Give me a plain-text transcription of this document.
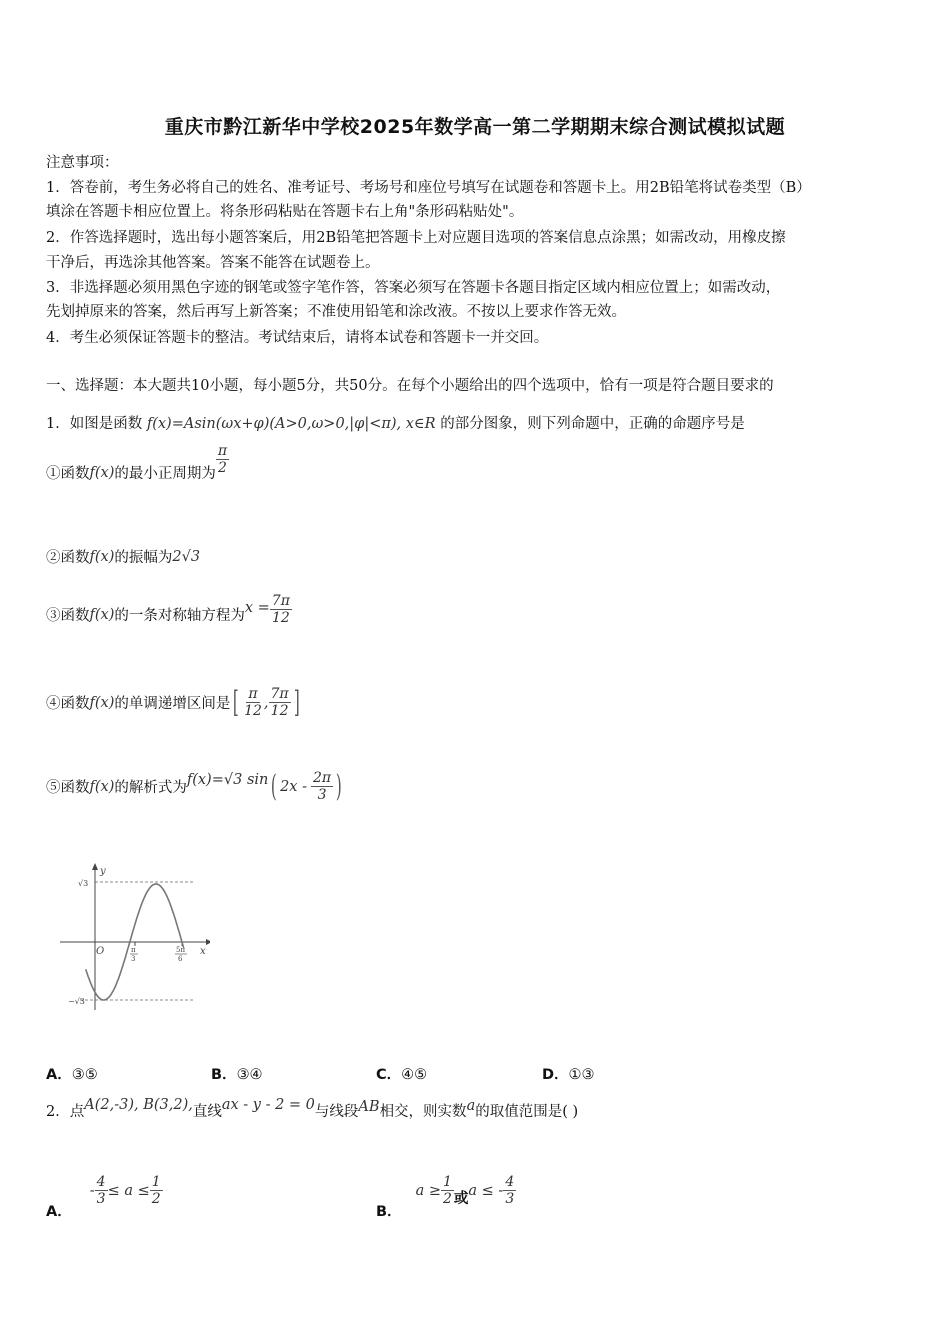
重庆市黔江新华中学校2025年数学高一第二学期期末综合测试模拟试题
注意事项：
1．答卷前，考生务必将自己的姓名、准考证号、考场号和座位号填写在试题卷和答题卡上。用2B铅笔将试卷类型（B）
填涂在答题卡相应位置上。将条形码粘贴在答题卡右上角"条形码粘贴处"。
2．作答选择题时，选出每小题答案后，用2B铅笔把答题卡上对应题目选项的答案信息点涂黑；如需改动，用橡皮擦
干净后，再选涂其他答案。答案不能答在试题卷上。
3．非选择题必须用黑色字迹的钢笔或签字笔作答，答案必须写在答题卡各题目指定区域内相应位置上；如需改动，
先划掉原来的答案，然后再写上新答案；不准使用铅笔和涂改液。不按以上要求作答无效。
4．考生必须保证答题卡的整洁。考试结束后，请将本试卷和答题卡一并交回。
一、选择题：本大题共10小题，每小题5分，共50分。在每个小题给出的四个选项中，恰有一项是符合题目要求的
1．如图是函数 f(x)=Asin(ωx+φ)(A>0,ω>0,|φ|<π), x∈R 的部分图象，则下列命题中，正确的命题序号是
①函数 f(x) 的最小正周期为 $\frac{\pi}{2}$
②函数 f(x) 的振幅为 2√3
③函数 f(x) 的一条对称轴方程为
$x = \frac{7\pi}{12}$
④函数 f(x) 的单调递增区间是 [ $\frac{\pi}{12}$ , $\frac{7\pi}{12}$ ]
⑤函数 f(x) 的解析式为
f(x)=√3 sin ( $2x - \frac{2\pi}{3}$ )
y
x
O
√3
−√3
π
3
5π
6
A．③⑤	B．③④	C．④⑤	D．①③
2．点 A(2,-3), B(3,2), 直线 ax - y - 2 = 0 与线段 AB 相交，则实数 a 的取值范围是( )
A．
- $\frac{4}{3} \le a \le \frac{1}{2}$
B．
$a \ge \frac{1}{2}$ 或 a ≤ - $\frac{4}{3}$
